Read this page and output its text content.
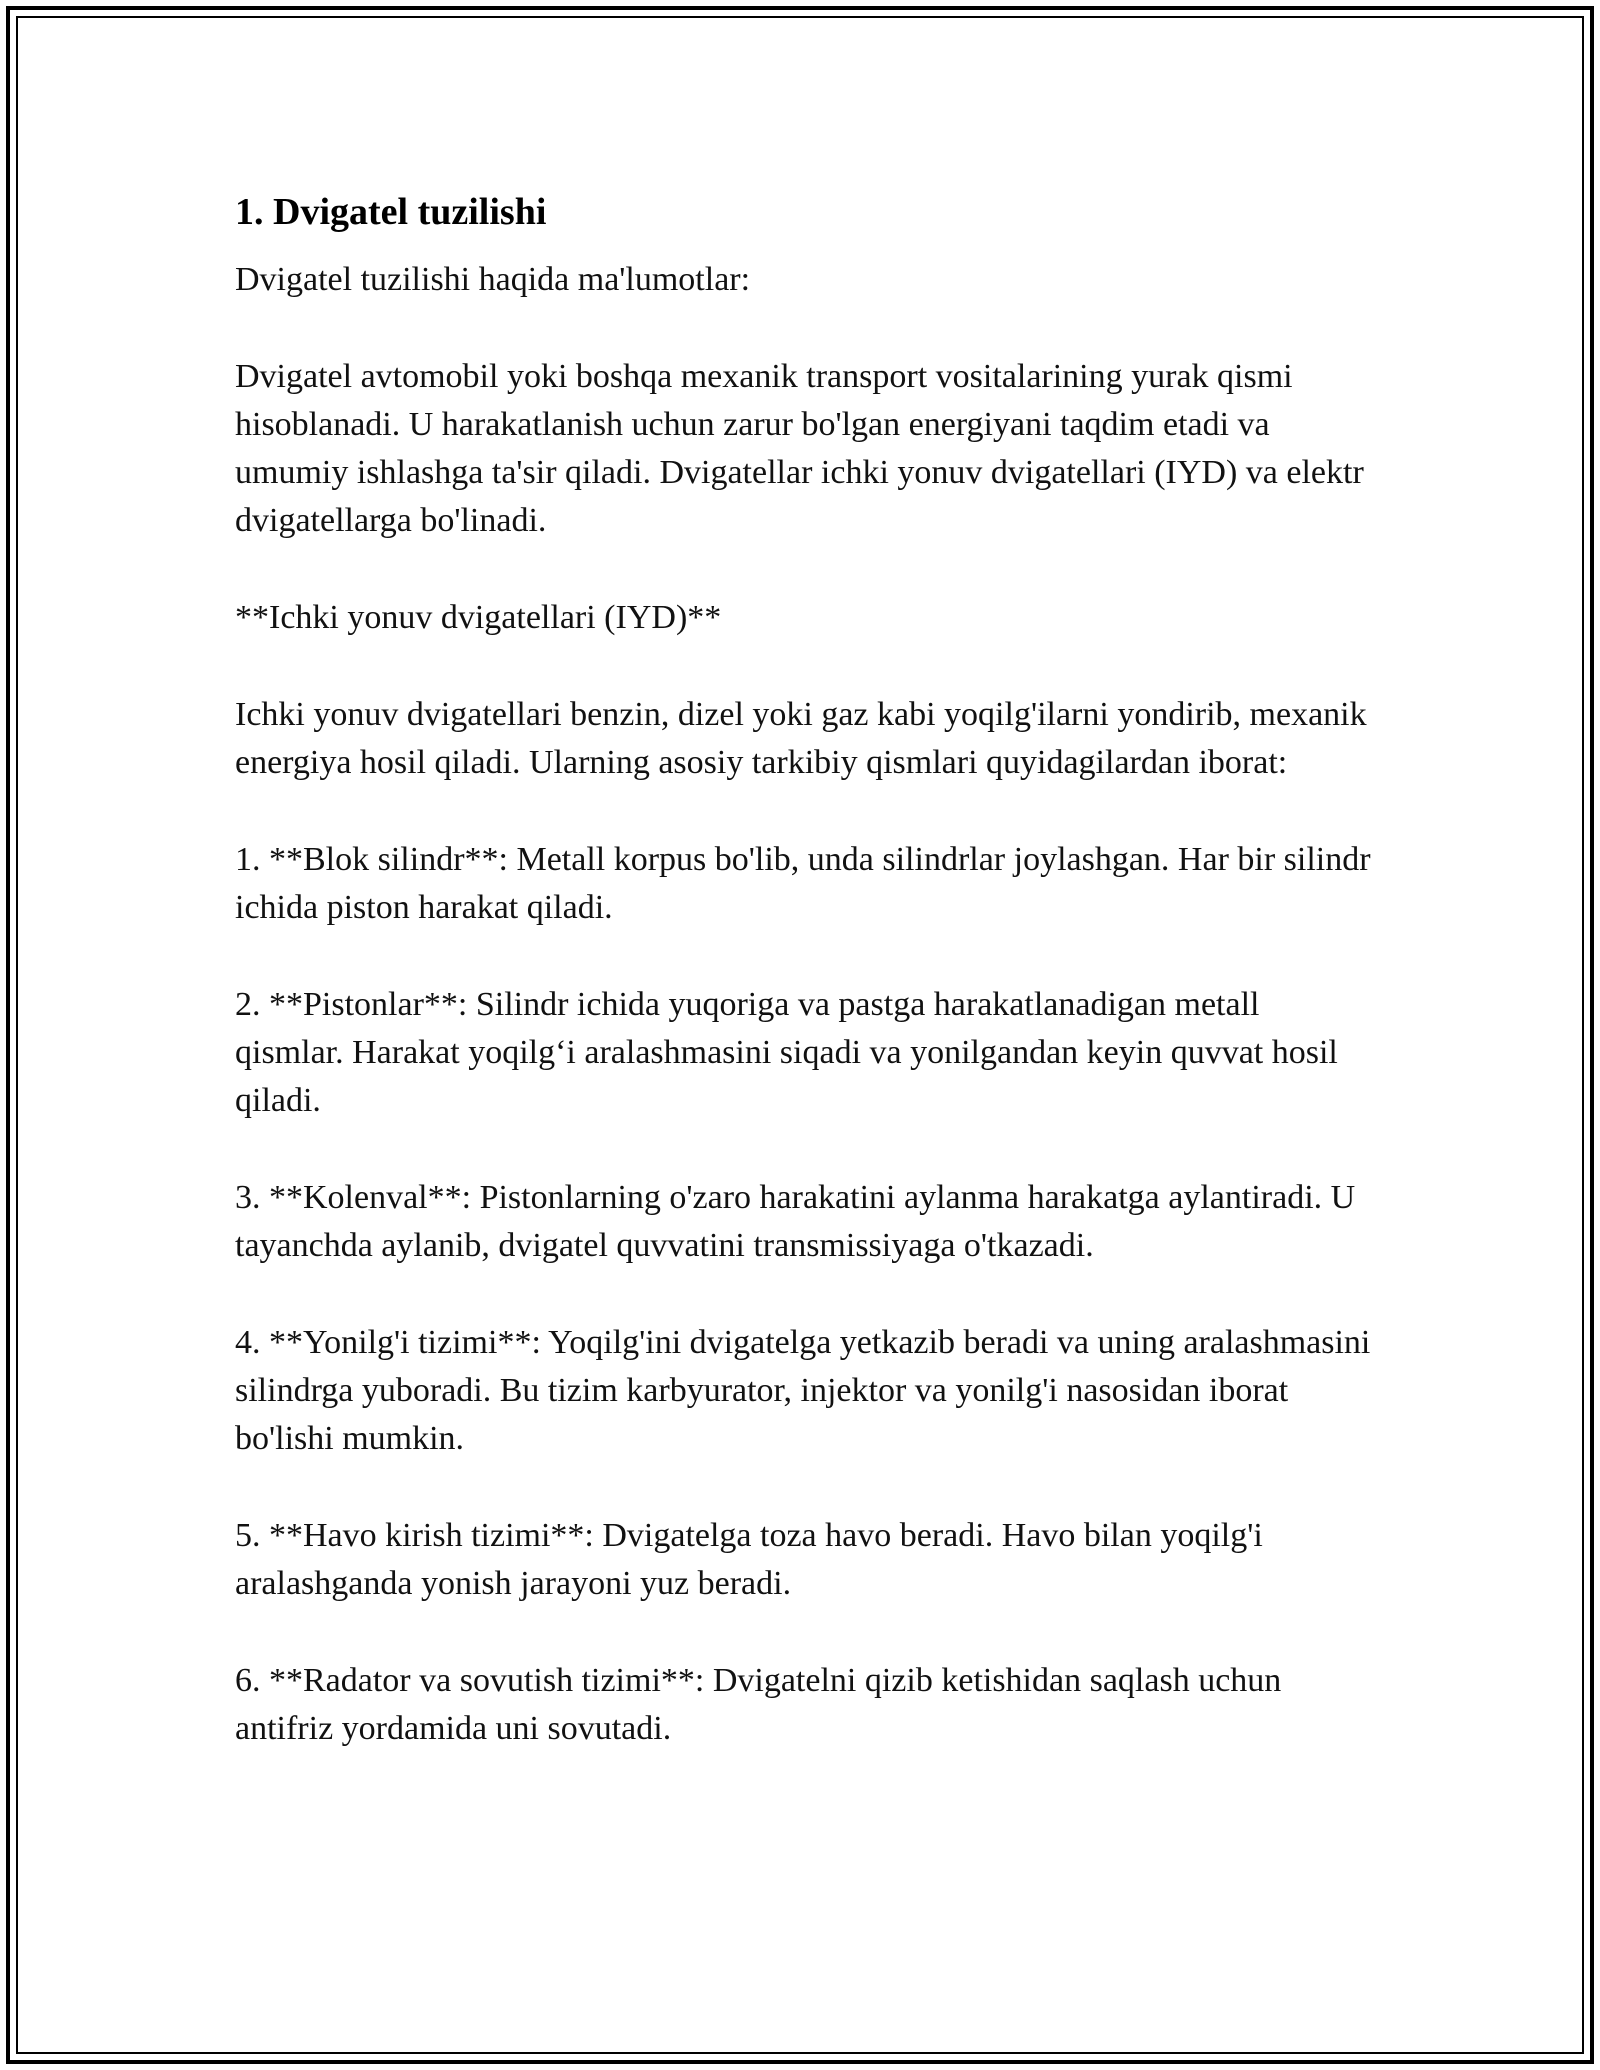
1. Dvigatel tuzilishi

Dvigatel tuzilishi haqida ma'lumotlar:

Dvigatel avtomobil yoki boshqa mexanik transport vositalarining yurak qismi hisoblanadi. U harakatlanish uchun zarur bo'lgan energiyani taqdim etadi va umumiy ishlashga ta'sir qiladi. Dvigatellar ichki yonuv dvigatellari (IYD) va elektr dvigatellarga bo'linadi.

**Ichki yonuv dvigatellari (IYD)**

Ichki yonuv dvigatellari benzin, dizel yoki gaz kabi yoqilg'ilarni yondirib, mexanik energiya hosil qiladi. Ularning asosiy tarkibiy qismlari quyidagilardan iborat:

1. **Blok silindr**: Metall korpus bo'lib, unda silindrlar joylashgan. Har bir silindr ichida piston harakat qiladi.

2. **Pistonlar**: Silindr ichida yuqoriga va pastga harakatlanadigan metall qismlar. Harakat yoqilg‘i aralashmasini siqadi va yonilgandan keyin quvvat hosil qiladi.

3. **Kolenval**: Pistonlarning o'zaro harakatini aylanma harakatga aylantiradi. U tayanchda aylanib, dvigatel quvvatini transmissiyaga o'tkazadi.

4. **Yonilg'i tizimi**: Yoqilg'ini dvigatelga yetkazib beradi va uning aralashmasini silindrga yuboradi. Bu tizim karbyurator, injektor va yonilg'i nasosidan iborat bo'lishi mumkin.

5. **Havo kirish tizimi**: Dvigatelga toza havo beradi. Havo bilan yoqilg'i aralashganda yonish jarayoni yuz beradi.

6. **Radator va sovutish tizimi**: Dvigatelni qizib ketishidan saqlash uchun antifriz yordamida uni sovutadi.
